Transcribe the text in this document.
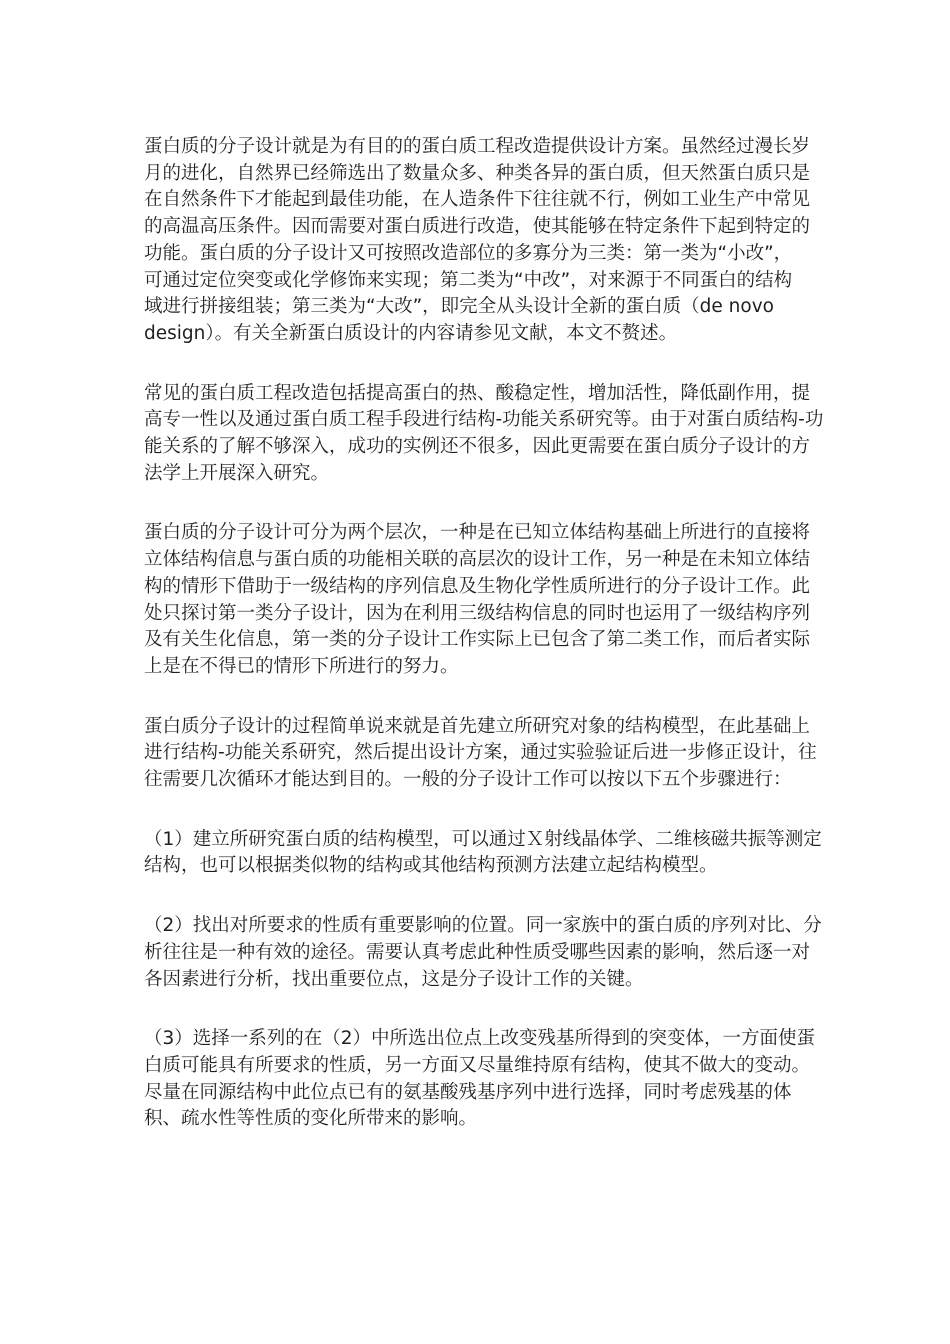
蛋白质的分子设计就是为有目的的蛋白质工程改造提供设计方案。虽然经过漫长岁
月的进化，自然界已经筛选出了数量众多、种类各异的蛋白质，但天然蛋白质只是
在自然条件下才能起到最佳功能，在人造条件下往往就不行，例如工业生产中常见
的高温高压条件。因而需要对蛋白质进行改造，使其能够在特定条件下起到特定的
功能。蛋白质的分子设计又可按照改造部位的多寡分为三类：第一类为“小改”，
可通过定位突变或化学修饰来实现；第二类为“中改”，对来源于不同蛋白的结构
域进行拼接组装；第三类为“大改”，即完全从头设计全新的蛋白质（de novo
design）。有关全新蛋白质设计的内容请参见文献，本文不赘述。

常见的蛋白质工程改造包括提高蛋白的热、酸稳定性，增加活性，降低副作用，提
高专一性以及通过蛋白质工程手段进行结构-功能关系研究等。由于对蛋白质结构-功
能关系的了解不够深入，成功的实例还不很多，因此更需要在蛋白质分子设计的方
法学上开展深入研究。

蛋白质的分子设计可分为两个层次，一种是在已知立体结构基础上所进行的直接将
立体结构信息与蛋白质的功能相关联的高层次的设计工作，另一种是在未知立体结
构的情形下借助于一级结构的序列信息及生物化学性质所进行的分子设计工作。此
处只探讨第一类分子设计，因为在利用三级结构信息的同时也运用了一级结构序列
及有关生化信息，第一类的分子设计工作实际上已包含了第二类工作，而后者实际
上是在不得已的情形下所进行的努力。

蛋白质分子设计的过程简单说来就是首先建立所研究对象的结构模型，在此基础上
进行结构-功能关系研究，然后提出设计方案，通过实验验证后进一步修正设计，往
往需要几次循环才能达到目的。一般的分子设计工作可以按以下五个步骤进行：

（1）建立所研究蛋白质的结构模型，可以通过Ｘ射线晶体学、二维核磁共振等测定
结构，也可以根据类似物的结构或其他结构预测方法建立起结构模型。

（2）找出对所要求的性质有重要影响的位置。同一家族中的蛋白质的序列对比、分
析往往是一种有效的途径。需要认真考虑此种性质受哪些因素的影响，然后逐一对
各因素进行分析，找出重要位点，这是分子设计工作的关键。

（3）选择一系列的在（2）中所选出位点上改变残基所得到的突变体，一方面使蛋
白质可能具有所要求的性质，另一方面又尽量维持原有结构，使其不做大的变动。
尽量在同源结构中此位点已有的氨基酸残基序列中进行选择，同时考虑残基的体
积、疏水性等性质的变化所带来的影响。
